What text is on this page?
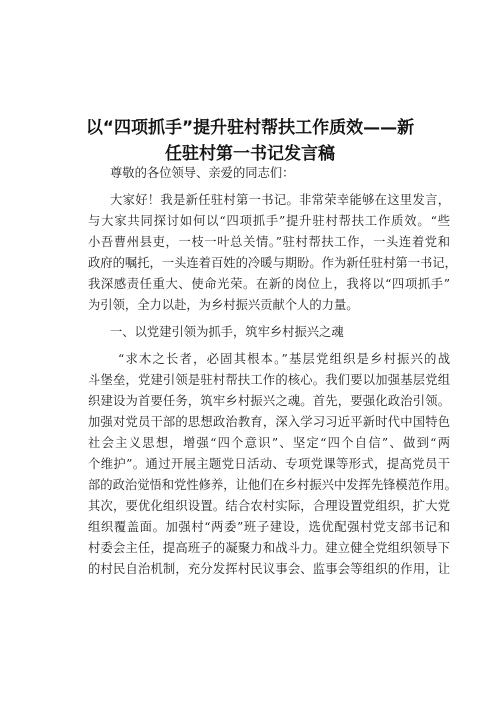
以“四项抓手”提升驻村帮扶工作质效——新
任驻村第一书记发言稿

尊敬的各位领导、亲爱的同志们：

大家好！我是新任驻村第一书记。非常荣幸能够在这里发言，

与大家共同探讨如何以“四项抓手”提升驻村帮扶工作质效。“些

小吾曹州县吏，一枝一叶总关情。”驻村帮扶工作，一头连着党和

政府的嘱托，一头连着百姓的冷暖与期盼。作为新任驻村第一书记，

我深感责任重大、使命光荣。在新的岗位上，我将以“四项抓手”

为引领，全力以赴，为乡村振兴贡献个人的力量。

一、以党建引领为抓手，筑牢乡村振兴之魂

“求木之长者，必固其根本。”基层党组织是乡村振兴的战

斗堡垒，党建引领是驻村帮扶工作的核心。我们要以加强基层党组

织建设为首要任务，筑牢乡村振兴之魂。首先，要强化政治引领。

加强对党员干部的思想政治教育，深入学习习近平新时代中国特色

社会主义思想，增强“四个意识”、坚定“四个自信”、做到“两

个维护”。通过开展主题党日活动、专项党课等形式，提高党员干

部的政治觉悟和党性修养，让他们在乡村振兴中发挥先锋模范作用。

其次，要优化组织设置。结合农村实际，合理设置党组织，扩大党

组织覆盖面。加强村“两委”班子建设，选优配强村党支部书记和

村委会主任，提高班子的凝聚力和战斗力。建立健全党组织领导下

的村民自治机制，充分发挥村民议事会、监事会等组织的作用，让
